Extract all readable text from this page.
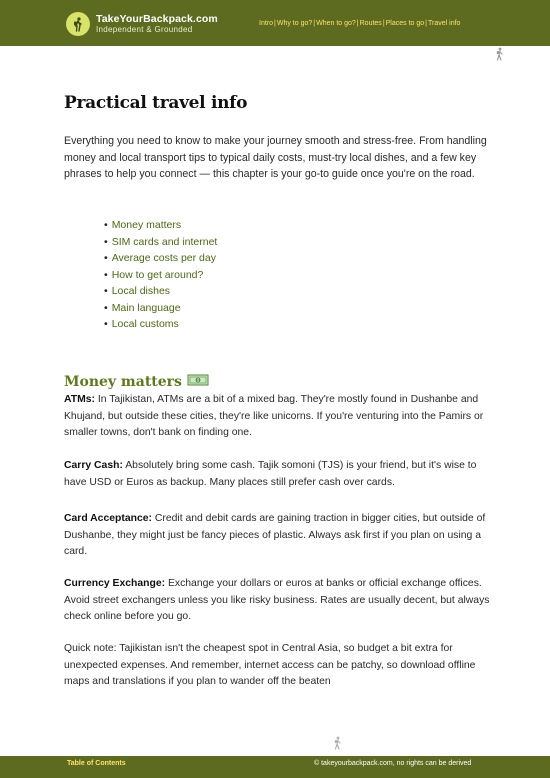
TakeYourBackpack.com
Independent & Grounded
Intro|Why to go?|When to go?|Routes|Places to go|Travel info
Practical travel info

Everything you need to know to make your journey smooth and stress-free. From handling money and local transport tips to typical daily costs, must-try local dishes, and a few key phrases to help you connect — this chapter is your go-to guide once you're on the road.

• Money matters
• SIM cards and internet
• Average costs per day
• How to get around?
• Local dishes
• Main language
• Local customs
Money matters	$

ATMs: In Tajikistan, ATMs are a bit of a mixed bag. They're mostly found in Dushanbe and Khujand, but outside these cities, they're like unicorns. If you're venturing into the Pamirs or smaller towns, don't bank on finding one.

Carry Cash: Absolutely bring some cash. Tajik somoni (TJS) is your friend, but it's wise to have USD or Euros as backup. Many places still prefer cash over cards.

Card Acceptance: Credit and debit cards are gaining traction in bigger cities, but outside of Dushanbe, they might just be fancy pieces of plastic. Always ask first if you plan on using a card.

Currency Exchange: Exchange your dollars or euros at banks or official exchange offices. Avoid street exchangers unless you like risky business. Rates are usually decent, but always check online before you go.

Quick note: Tajikistan isn't the cheapest spot in Central Asia, so budget a bit extra for unexpected expenses. And remember, internet access can be patchy, so download offline maps and translations if you plan to wander off the beaten

Table of Contents	© takeyourbackpack.com, no rights can be derived
